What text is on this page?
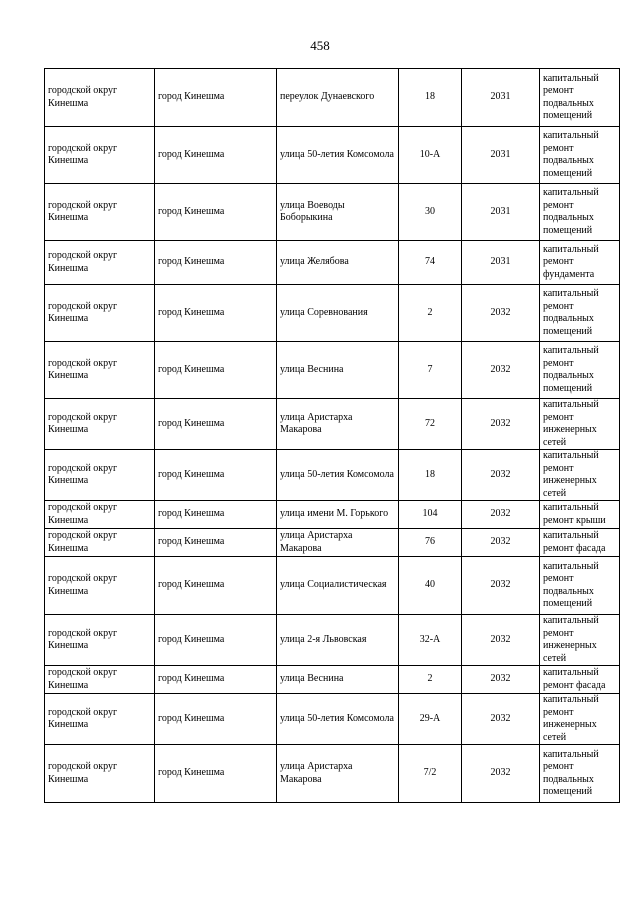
458
городской округ Кинешма	город Кинешма	переулок Дунаевского	18	2031	капитальный ремонт подвальных помещений
городской округ Кинешма	город Кинешма	улица 50-летия Комсомола	10-А	2031	капитальный ремонт подвальных помещений
городской округ Кинешма	город Кинешма	улица Воеводы Боборыкина	30	2031	капитальный ремонт подвальных помещений
городской округ Кинешма	город Кинешма	улица Желябова	74	2031	капитальный ремонт фундамента
городской округ Кинешма	город Кинешма	улица Соревнования	2	2032	капитальный ремонт подвальных помещений
городской округ Кинешма	город Кинешма	улица Веснина	7	2032	капитальный ремонт подвальных помещений
городской округ Кинешма	город Кинешма	улица Аристарха Макарова	72	2032	капитальный ремонт инженерных сетей
городской округ Кинешма	город Кинешма	улица 50-летия Комсомола	18	2032	капитальный ремонт инженерных сетей
городской округ Кинешма	город Кинешма	улица имени М. Горького	104	2032	капитальный ремонт крыши
городской округ Кинешма	город Кинешма	улица Аристарха Макарова	76	2032	капитальный ремонт фасада
городской округ Кинешма	город Кинешма	улица Социалистическая	40	2032	капитальный ремонт подвальных помещений
городской округ Кинешма	город Кинешма	улица 2-я Львовская	32-А	2032	капитальный ремонт инженерных сетей
городской округ Кинешма	город Кинешма	улица Веснина	2	2032	капитальный ремонт фасада
городской округ Кинешма	город Кинешма	улица 50-летия Комсомола	29-А	2032	капитальный ремонт инженерных сетей
городской округ Кинешма	город Кинешма	улица Аристарха Макарова	7/2	2032	капитальный ремонт подвальных помещений
